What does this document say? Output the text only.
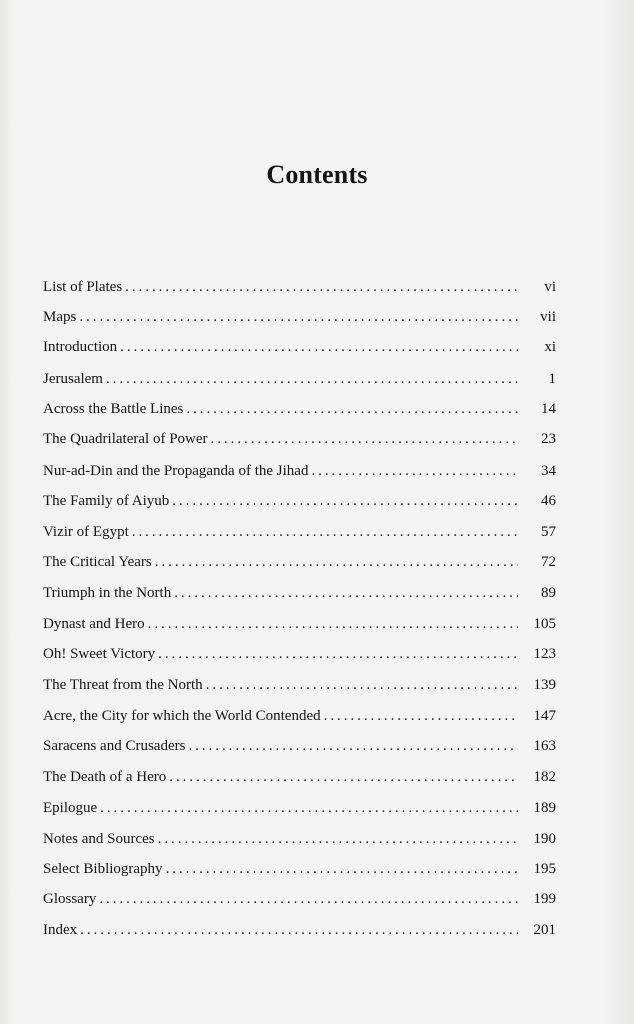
Contents
List of Plates . . .	vi
Maps . . .	vii
Introduction . . .	xi
Jerusalem . . .	1
Across the Battle Lines . . .	14
The Quadrilateral of Power . . .	23
Nur-ad-Din and the Propaganda of the Jihad . . .	34
The Family of Aiyub . . .	46
Vizir of Egypt . . .	57
The Critical Years . . .	72
Triumph in the North . . .	89
Dynast and Hero . . .	105
Oh! Sweet Victory . . .	123
The Threat from the North . . .	139
Acre, the City for which the World Contended . . .	147
Saracens and Crusaders . . .	163
The Death of a Hero . . .	182
Epilogue . . .	189
Notes and Sources . . .	190
Select Bibliography . . .	195
Glossary . . .	199
Index . . .	201
